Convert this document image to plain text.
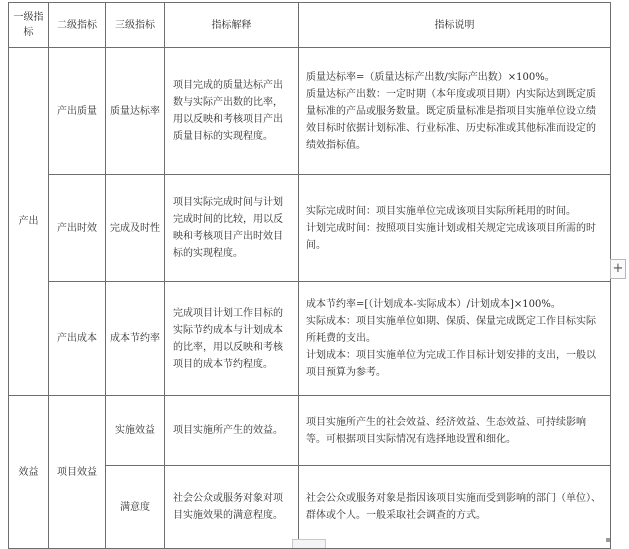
一级指标	二级指标	三级指标	指标解释	指标说明
产出	产出质量	质量达标率	项目完成的质量达标产出数与实际产出数的比率，用以反映和考核项目产出质量目标的实现程度。	质量达标率=（质量达标产出数/实际产出数）×100%。
质量达标产出数：一定时期（本年度或项目期）内实际达到既定质量标准的产品或服务数量。既定质量标准是指项目实施单位设立绩效目标时依据计划标准、行业标准、历史标准或其他标准而设定的绩效指标值。

	产出时效	完成及时性	项目实际完成时间与计划完成时间的比较，用以反映和考核项目产出时效目标的实现程度。	实际完成时间：项目实施单位完成该项目实际所耗用的时间。
计划完成时间：按照项目实施计划或相关规定完成该项目所需的时间。

	产出成本	成本节约率	完成项目计划工作目标的实际节约成本与计划成本的比率，用以反映和考核项目的成本节约程度。	成本节约率=[（计划成本-实际成本）/计划成本]×100%。
实际成本：项目实施单位如期、保质、保量完成既定工作目标实际所耗费的支出。
计划成本：项目实施单位为完成工作目标计划安排的支出，一般以项目预算为参考。

效益	项目效益	实施效益	项目实施所产生的效益。	项目实施所产生的社会效益、经济效益、生态效益、可持续影响等。可根据项目实际情况有选择地设置和细化。

		满意度	社会公众或服务对象对项目实施效果的满意程度。	社会公众或服务对象是指因该项目实施而受到影响的部门（单位）、群体或个人。一般采取社会调查的方式。
+
